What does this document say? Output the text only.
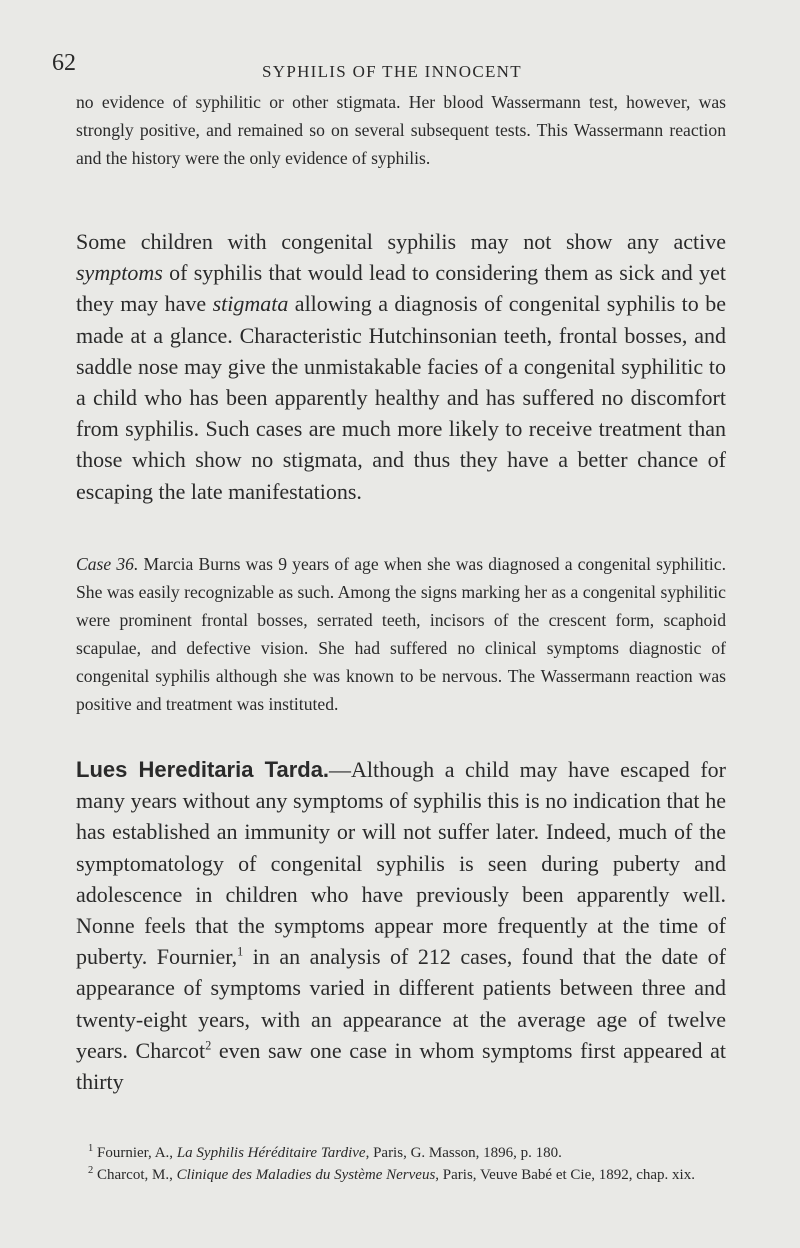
62	SYPHILIS OF THE INNOCENT

no evidence of syphilitic or other stigmata. Her blood Wassermann test, however, was strongly positive, and remained so on several subsequent tests. This Wassermann reaction and the history were the only evidence of syphilis.

Some children with congenital syphilis may not show any active symptoms of syphilis that would lead to considering them as sick and yet they may have stigmata allowing a diagnosis of congenital syphilis to be made at a glance. Characteristic Hutchinsonian teeth, frontal bosses, and saddle nose may give the unmistakable facies of a congenital syphilitic to a child who has been apparently healthy and has suffered no discomfort from syphilis. Such cases are much more likely to receive treatment than those which show no stigmata, and thus they have a better chance of escaping the late manifestations.

Case 36. Marcia Burns was 9 years of age when she was diagnosed a congenital syphilitic. She was easily recognizable as such. Among the signs marking her as a congenital syphilitic were prominent frontal bosses, serrated teeth, incisors of the crescent form, scaphoid scapulae, and defective vision. She had suffered no clinical symptoms diagnostic of congenital syphilis although she was known to be nervous. The Wassermann reaction was positive and treatment was instituted.

Lues Hereditaria Tarda.—Although a child may have escaped for many years without any symptoms of syphilis this is no indication that he has established an immunity or will not suffer later. Indeed, much of the symptomatology of congenital syphilis is seen during puberty and adolescence in children who have previously been apparently well. Nonne feels that the symptoms appear more frequently at the time of puberty. Fournier,$^1$ in an analysis of 212 cases, found that the date of appearance of symptoms varied in different patients between three and twenty-eight years, with an appearance at the average age of twelve years. Charcot$^2$ even saw one case in whom symptoms first appeared at thirty

$^1$ Fournier, A., La Syphilis Héréditaire Tardive, Paris, G. Masson, 1896, p. 180.
$^2$ Charcot, M., Clinique des Maladies du Système Nerveus, Paris, Veuve Babé et Cie, 1892, chap. xix.
